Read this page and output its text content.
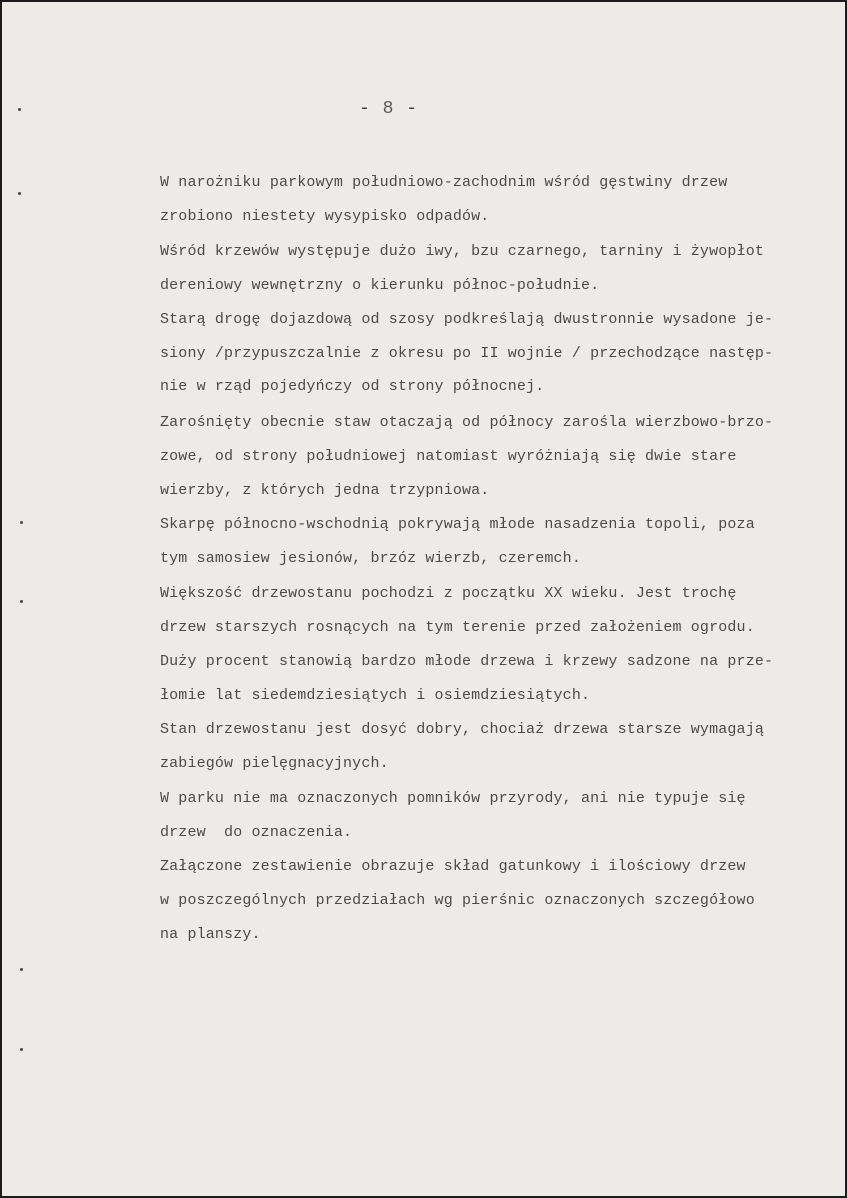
- 8 -
W narożniku parkowym południowo-zachodnim wśród gęstwiny drzew
zrobiono niestety wysypisko odpadów.
Wśród krzewów występuje dużo iwy, bzu czarnego, tarniny i żywopłot
dereniowy wewnętrzny o kierunku północ-południe.
Starą drogę dojazdową od szosy podkreślają dwustronnie wysadone je-
siony /przypuszczalnie z okresu po II wojnie / przechodzące następ-
nie w rząd pojedyńczy od strony północnej.
Zarośnięty obecnie staw otaczają od północy zarośla wierzbowo-brzo-
zowe, od strony południowej natomiast wyróżniają się dwie stare
wierzby, z których jedna trzypniowa.
Skarpę północno-wschodnią pokrywają młode nasadzenia topoli, poza
tym samosiew jesionów, brzóz wierzb, czeremch.
Większość drzewostanu pochodzi z początku XX wieku. Jest trochę
drzew starszych rosnących na tym terenie przed założeniem ogrodu.
Duży procent stanowią bardzo młode drzewa i krzewy sadzone na prze-
łomie lat siedemdziesiątych i osiemdziesiątych.
Stan drzewostanu jest dosyć dobry, chociaż drzewa starsze wymagają
zabiegów pielęgnacyjnych.
W parku nie ma oznaczonych pomników przyrody, ani nie typuje się
drzew  do oznaczenia.
Załączone zestawienie obrazuje skład gatunkowy i ilościowy drzew
w poszczególnych przedziałach wg pierśnic oznaczonych szczegółowo
na planszy.
